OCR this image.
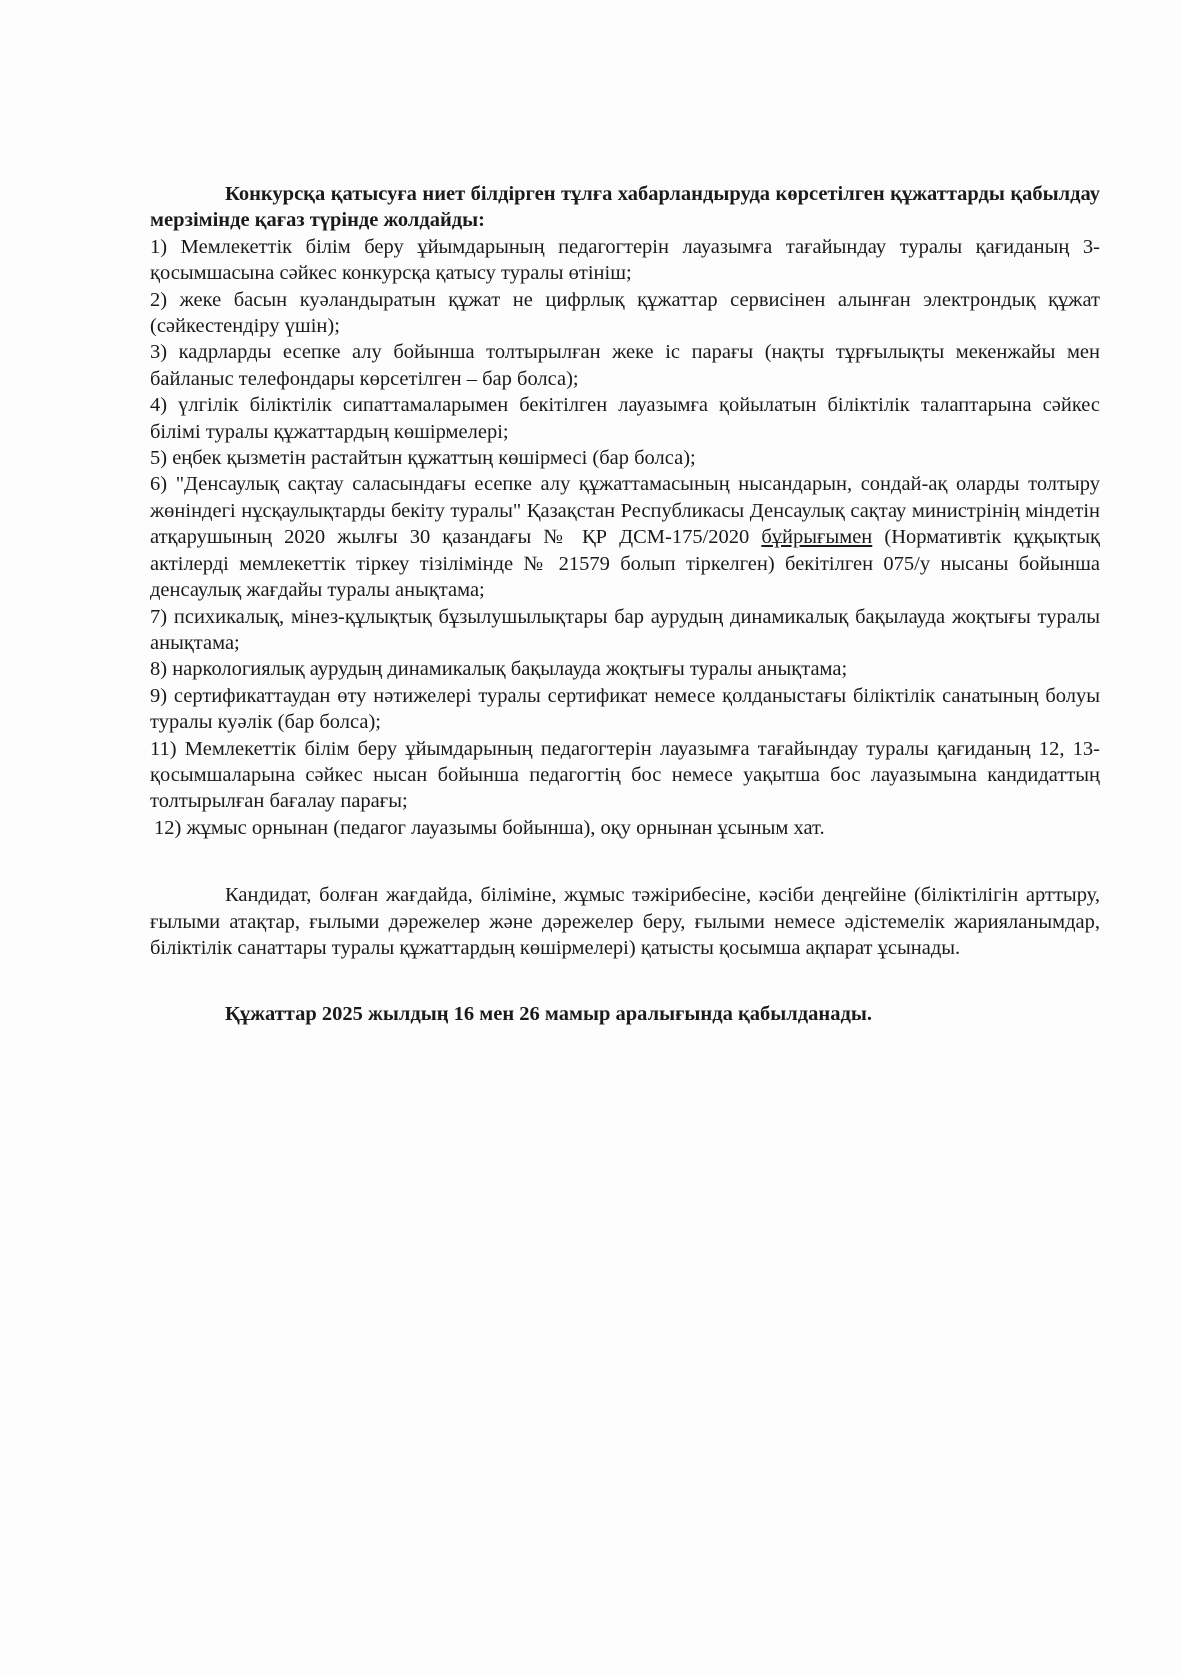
Конкурсқа қатысуға ниет білдірген тұлға хабарландыруда көрсетілген құжаттарды қабылдау мерзімінде қағаз түрінде жолдайды:

1) Мемлекеттік білім беру ұйымдарының педагогтерін лауазымға тағайындау туралы қағиданың 3- қосымшасына сәйкес конкурсқа қатысу туралы өтініш;
2) жеке басын куәландыратын құжат не цифрлық құжаттар сервисінен алынған электрондық құжат (сәйкестендіру үшін);
3) кадрларды есепке алу бойынша толтырылған жеке іс парағы (нақты тұрғылықты мекенжайы мен байланыс телефондары көрсетілген – бар болса);
4) үлгілік біліктілік сипаттамаларымен бекітілген лауазымға қойылатын біліктілік талаптарына сәйкес білімі туралы құжаттардың көшірмелері;
5) еңбек қызметін растайтын құжаттың көшірмесі (бар болса);
6) "Денсаулық сақтау саласындағы есепке алу құжаттамасының нысандарын, сондай-ақ оларды толтыру жөніндегі нұсқаулықтарды бекіту туралы" Қазақстан Республикасы Денсаулық сақтау министрінің міндетін атқарушының 2020 жылғы 30 қазандағы № ҚР ДСМ-175/2020 бұйрығымен (Нормативтік құқықтық актілерді мемлекеттік тіркеу тізілімінде № 21579 болып тіркелген) бекітілген 075/у нысаны бойынша денсаулық жағдайы туралы анықтама;
7) психикалық, мінез-құлықтық бұзылушылықтары бар аурудың динамикалық бақылауда жоқтығы туралы анықтама;
8) наркологиялық аурудың динамикалық бақылауда жоқтығы туралы анықтама;
9) сертификаттаудан өту нәтижелері туралы сертификат немесе қолданыстағы біліктілік санатының болуы туралы куәлік (бар болса);
11) Мемлекеттік білім беру ұйымдарының педагогтерін лауазымға тағайындау туралы қағиданың 12, 13-қосымшаларына сәйкес нысан бойынша педагогтің бос немесе уақытша бос лауазымына кандидаттың толтырылған бағалау парағы;
12) жұмыс орнынан (педагог лауазымы бойынша), оқу орнынан ұсыным хат.

Кандидат, болған жағдайда, біліміне, жұмыс тәжірибесіне, кәсіби деңгейіне (біліктілігін арттыру, ғылыми атақтар, ғылыми дәрежелер және дәрежелер беру, ғылыми немесе әдістемелік жарияланымдар, біліктілік санаттары туралы құжаттардың көшірмелері) қатысты қосымша ақпарат ұсынады.

Құжаттар 2025 жылдың 16 мен 26 мамыр аралығында қабылданады.
